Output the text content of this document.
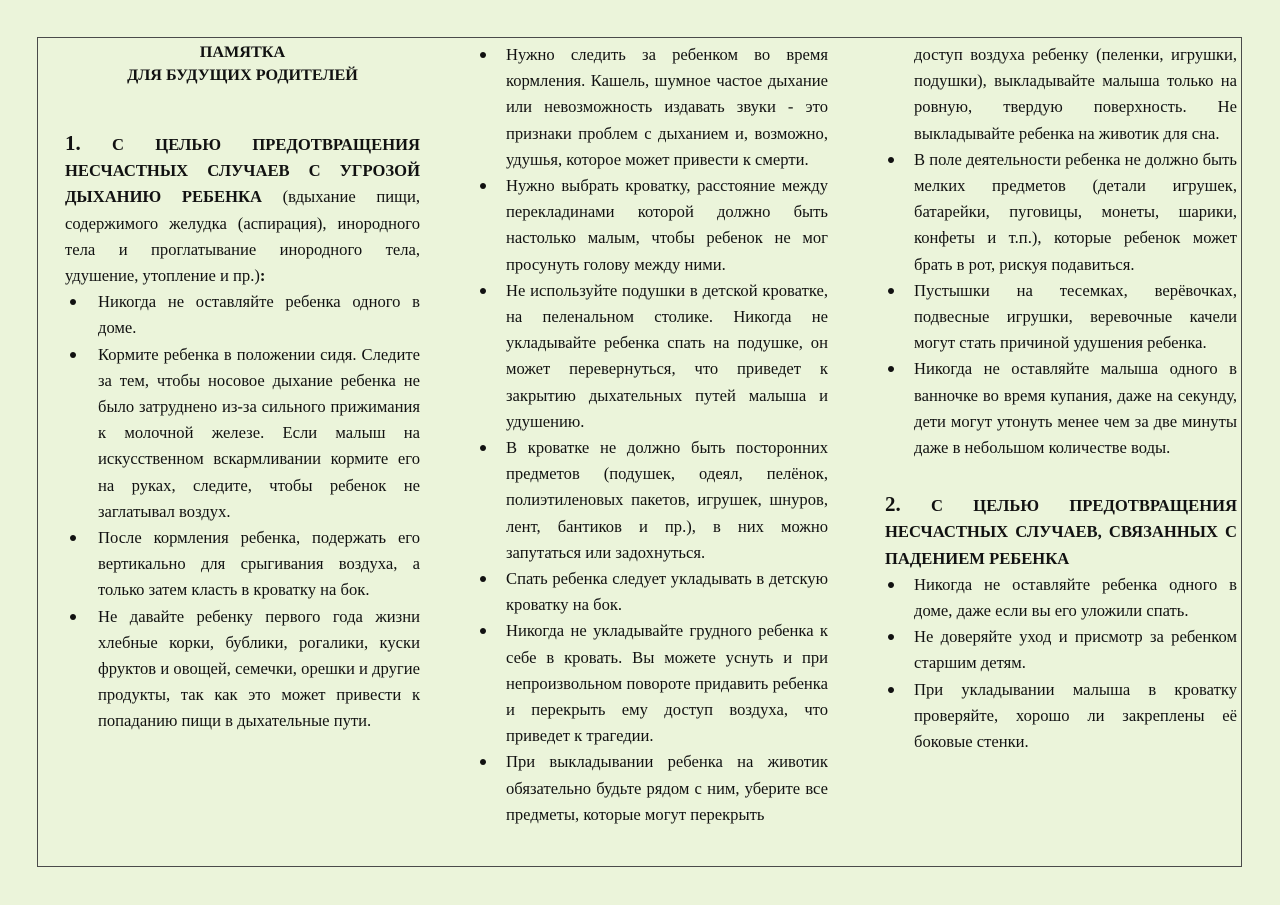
ПАМЯТКА
ДЛЯ БУДУЩИХ РОДИТЕЛЕЙ
1. С ЦЕЛЬЮ ПРЕДОТВРАЩЕНИЯ НЕСЧАСТНЫХ СЛУЧАЕВ С УГРОЗОЙ ДЫХАНИЮ РЕБЕНКА (вдыхание пищи, содержимого желудка (аспирация), инородного тела и проглатывание инородного тела, удушение, утопление и пр.):
Никогда не оставляйте ребенка одного в доме.
Кормите ребенка в положении сидя. Следите за тем, чтобы носовое дыхание ребенка не было затруднено из-за сильного прижимания к молочной железе. Если малыш на искусственном вскармливании кормите его на руках, следите, чтобы ребенок не заглатывал воздух.
После кормления ребенка, подержать его вертикально для срыгивания воздуха, а только затем класть в кроватку на бок.
Не давайте ребенку первого года жизни хлебные корки, бублики, рогалики, куски фруктов и овощей, семечки, орешки и другие продукты, так как это может привести к попаданию пищи в дыхательные пути.
Нужно следить за ребенком во время кормления. Кашель, шумное частое дыхание или невозможность издавать звуки - это признаки проблем с дыханием и, возможно, удушья, которое может привести к смерти.
Нужно выбрать кроватку, расстояние между перекладинами которой должно быть настолько малым, чтобы ребенок не мог просунуть голову между ними.
Не используйте подушки в детской кроватке, на пеленальном столике. Никогда не укладывайте ребенка спать на подушке, он может перевернуться, что приведет к закрытию дыхательных путей малыша и удушению.
В кроватке не должно быть посторонних предметов (подушек, одеял, пелёнок, полиэтиленовых пакетов, игрушек, шнуров, лент, бантиков и пр.), в них можно запутаться или задохнуться.
Спать ребенка следует укладывать в детскую кроватку на бок.
Никогда не укладывайте грудного ребенка к себе в кровать. Вы можете уснуть и при непроизвольном повороте придавить ребенка и перекрыть ему доступ воздуха, что приведет к трагедии.
При выкладывании ребенка на животик обязательно будьте рядом с ним, уберите все предметы, которые могут перекрыть
доступ воздуха ребенку (пеленки, игрушки, подушки), выкладывайте малыша только на ровную, твердую поверхность. Не выкладывайте ребенка на животик для сна.
В поле деятельности ребенка не должно быть мелких предметов (детали игрушек, батарейки, пуговицы, монеты, шарики, конфеты и т.п.), которые ребенок может брать в рот, рискуя подавиться.
Пустышки на тесемках, верёвочках, подвесные игрушки, веревочные качели могут стать причиной удушения ребенка.
Никогда не оставляйте малыша одного в ванночке во время купания, даже на секунду, дети могут утонуть менее чем за две минуты даже в небольшом количестве воды.
2. С ЦЕЛЬЮ ПРЕДОТВРАЩЕНИЯ НЕСЧАСТНЫХ СЛУЧАЕВ, СВЯЗАННЫХ С ПАДЕНИЕМ РЕБЕНКА
Никогда не оставляйте ребенка одного в доме, даже если вы его уложили спать.
Не доверяйте уход и присмотр за ребенком старшим детям.
При укладывании малыша в кроватку проверяйте, хорошо ли закреплены её боковые стенки.
